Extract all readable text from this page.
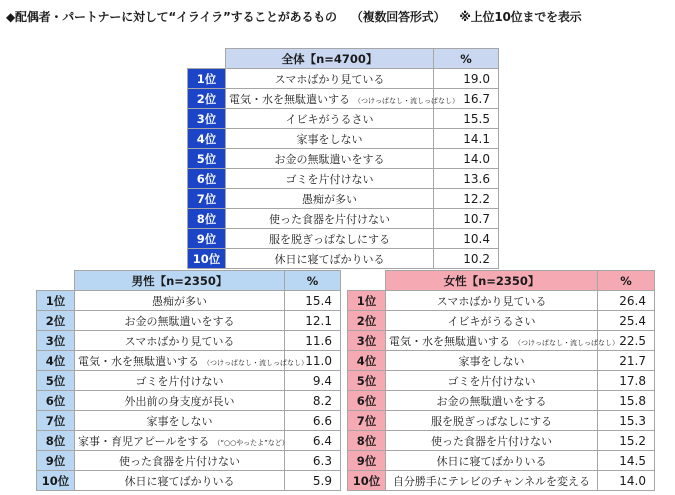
◆配偶者・パートナーに対して“イライラ”することがあるもの （複数回答形式） ※上位10位までを表示
	全体【n=4700】	%
1位	スマホばかり見ている	19.0
2位	電気・水を無駄遣いする （つけっぱなし・流しっぱなし）	16.7
3位	イビキがうるさい	15.5
4位	家事をしない	14.1
5位	お金の無駄遣いをする	14.0
6位	ゴミを片付けない	13.6
7位	愚痴が多い	12.2
8位	使った食器を片付けない	10.7
9位	服を脱ぎっぱなしにする	10.4
10位	休日に寝てばかりいる	10.2
	男性【n=2350】	%
1位	愚痴が多い	15.4
2位	お金の無駄遣いをする	12.1
3位	スマホばかり見ている	11.6
4位	電気・水を無駄遣いする （つけっぱなし・流しっぱなし）	11.0
5位	ゴミを片付けない	9.4
6位	外出前の身支度が長い	8.2
7位	家事をしない	6.6
8位	家事・育児アピールをする （“○○やったよ”など）	6.4
9位	使った食器を片付けない	6.3
10位	休日に寝てばかりいる	5.9
	女性【n=2350】	%
1位	スマホばかり見ている	26.4
2位	イビキがうるさい	25.4
3位	電気・水を無駄遣いする （つけっぱなし・流しっぱなし）	22.5
4位	家事をしない	21.7
5位	ゴミを片付けない	17.8
6位	お金の無駄遣いをする	15.8
7位	服を脱ぎっぱなしにする	15.3
8位	使った食器を片付けない	15.2
9位	休日に寝てばかりいる	14.5
10位	自分勝手にテレビのチャンネルを変える	14.0
